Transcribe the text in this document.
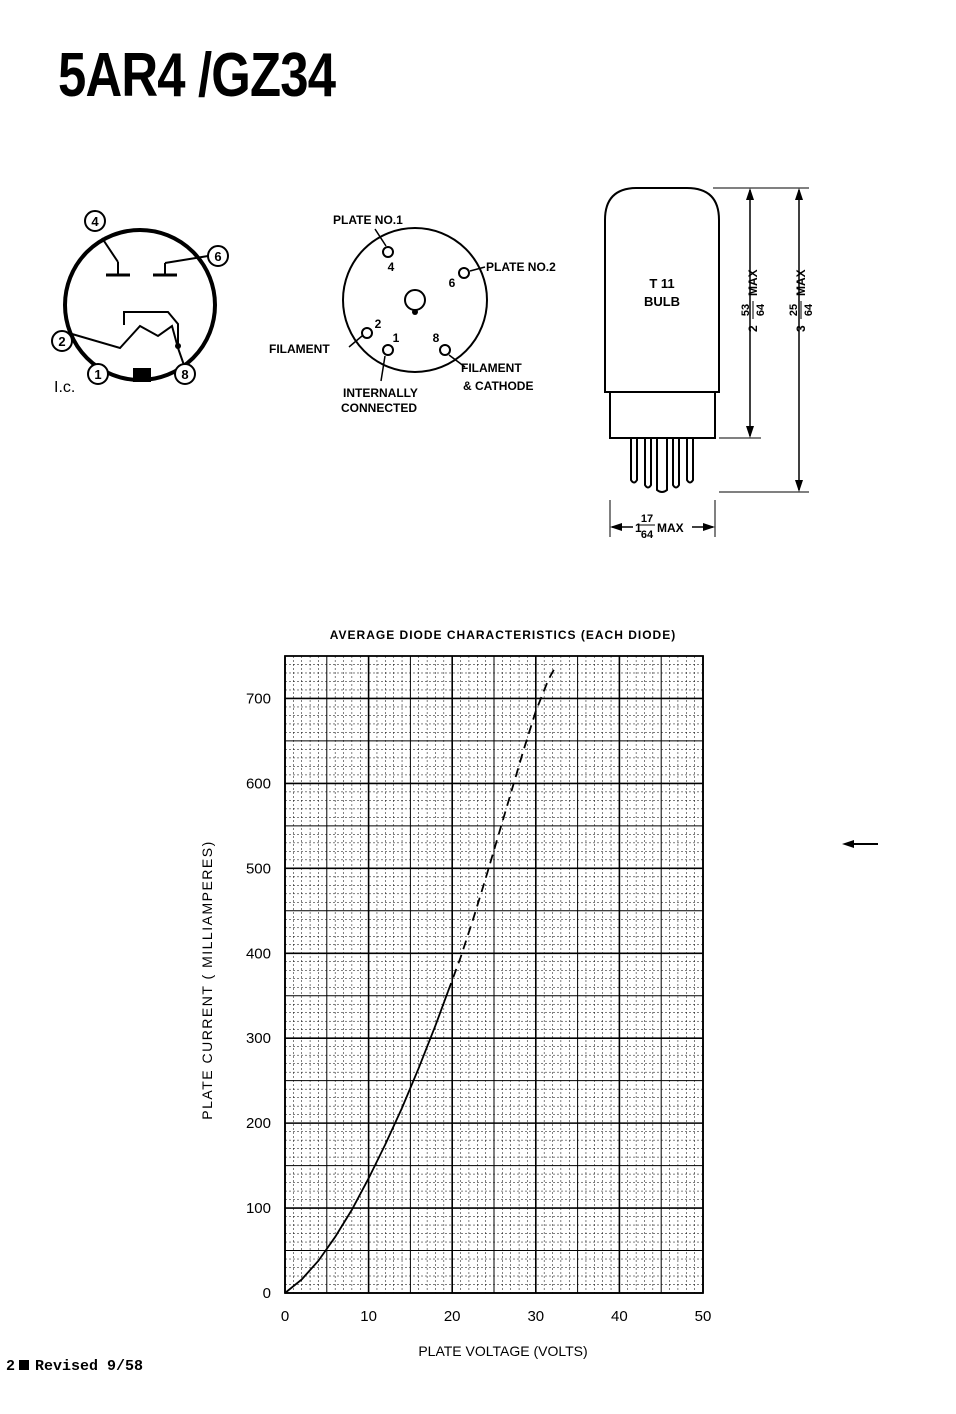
5AR4 /GZ34
4
6
2
1	8
I.c.
4
6
2
1	8
PLATE NO.1
PLATE NO.2
FILAMENT
INTERNALLY
CONNECTED
FILAMENT
& CATHODE
T 11
BULB
2
53 64
MAX
3
25 64
MAX
1
17
64 MAX
AVERAGE DIODE CHARACTERISTICS (EACH DIODE)
0	10	20	30	40	50
0
100
200
300
400
500
600
700
PLATE VOLTAGE (VOLTS)
PLATE CURRENT ( MILLIAMPERES)
2 Revised 9/58
